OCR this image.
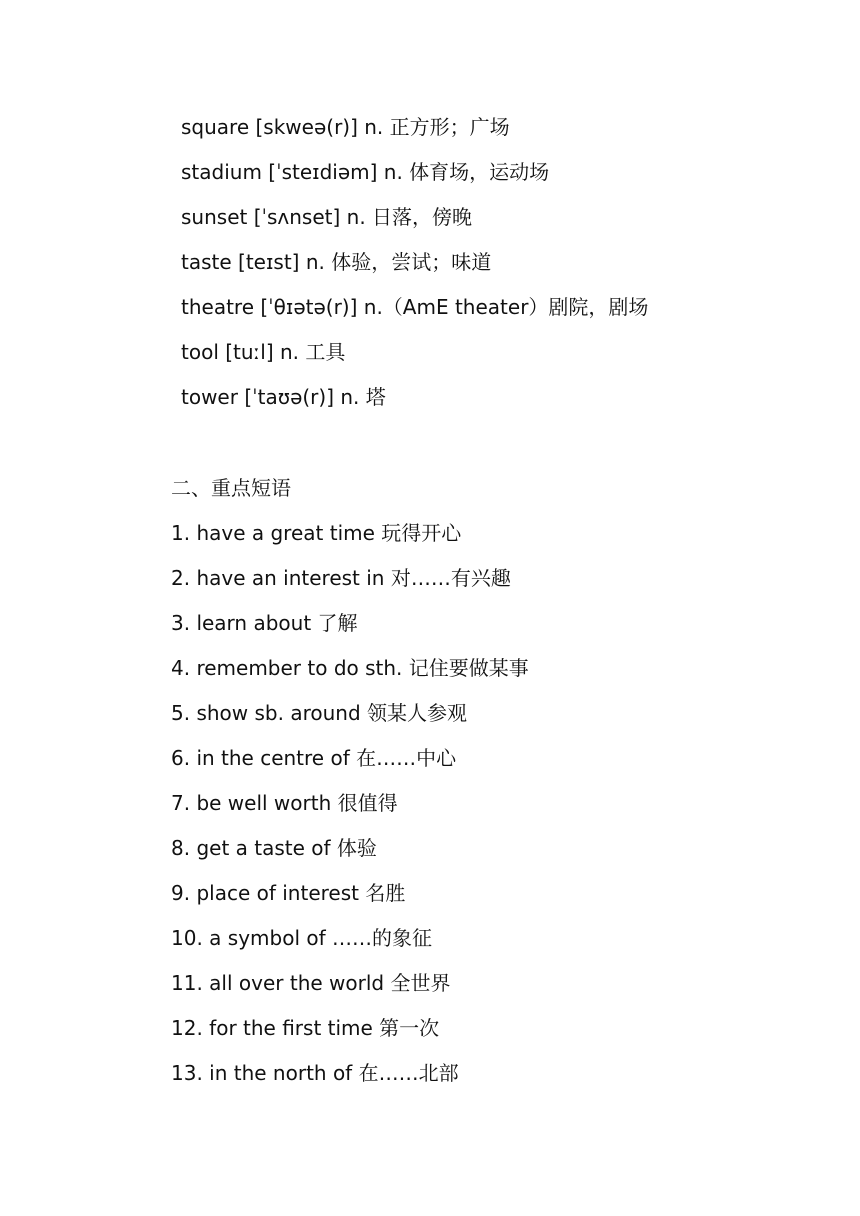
square [skweə(r)] n. 正方形；广场
stadium [ˈsteɪdiəm] n. 体育场，运动场
sunset [ˈsʌnset] n. 日落，傍晚
taste [teɪst] n. 体验，尝试；味道
theatre [ˈθɪətə(r)] n.（AmE theater）剧院，剧场
tool [tuːl] n. 工具
tower [ˈtaʊə(r)] n. 塔
二、重点短语
1. have a great time 玩得开心
2. have an interest in 对……有兴趣
3. learn about 了解
4. remember to do sth. 记住要做某事
5. show sb. around 领某人参观
6. in the centre of 在……中心
7. be well worth 很值得
8. get a taste of 体验
9. place of interest 名胜
10. a symbol of ……的象征
11. all over the world 全世界
12. for the first time 第一次
13. in the north of 在……北部
